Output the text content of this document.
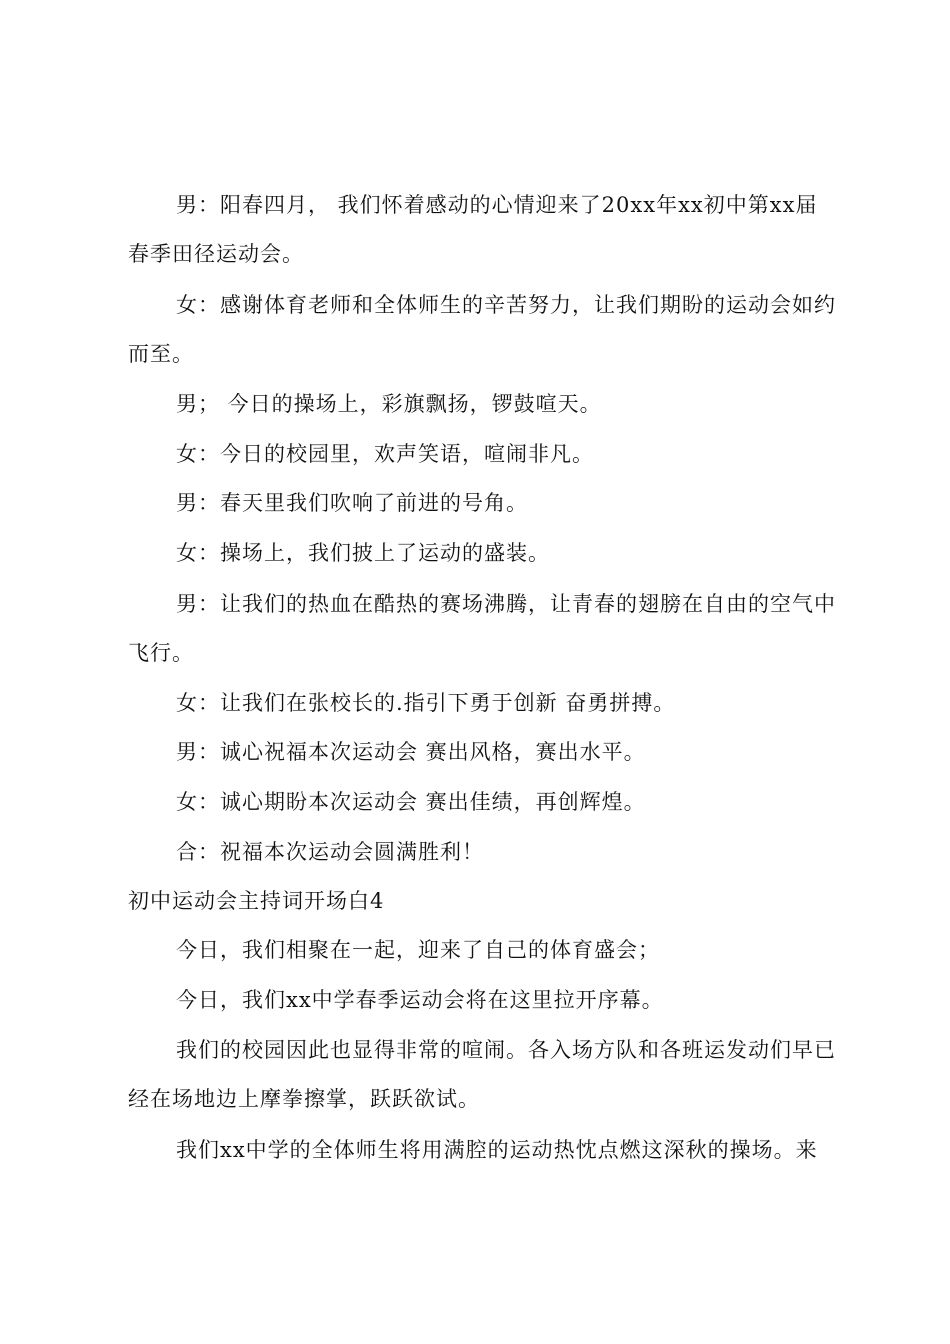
男：阳春四月， 我们怀着感动的心情迎来了20xx年xx初中第xx届春季田径运动会。

女：感谢体育老师和全体师生的辛苦努力，让我们期盼的运动会如约而至。

男； 今日的操场上，彩旗飘扬，锣鼓喧天。

女：今日的校园里，欢声笑语，喧闹非凡。

男：春天里我们吹响了前进的号角。

女：操场上，我们披上了运动的盛装。

男：让我们的热血在酷热的赛场沸腾，让青春的翅膀在自由的空气中飞行。

女：让我们在张校长的.指引下勇于创新 奋勇拼搏。

男：诚心祝福本次运动会 赛出风格，赛出水平。

女：诚心期盼本次运动会 赛出佳绩，再创辉煌。

合：祝福本次运动会圆满胜利！

初中运动会主持词开场白4

今日，我们相聚在一起，迎来了自己的体育盛会；

今日，我们xx中学春季运动会将在这里拉开序幕。

我们的校园因此也显得非常的喧闹。各入场方队和各班运发动们早已经在场地边上摩拳擦掌，跃跃欲试。

我们xx中学的全体师生将用满腔的运动热忱点燃这深秋的操场。来
